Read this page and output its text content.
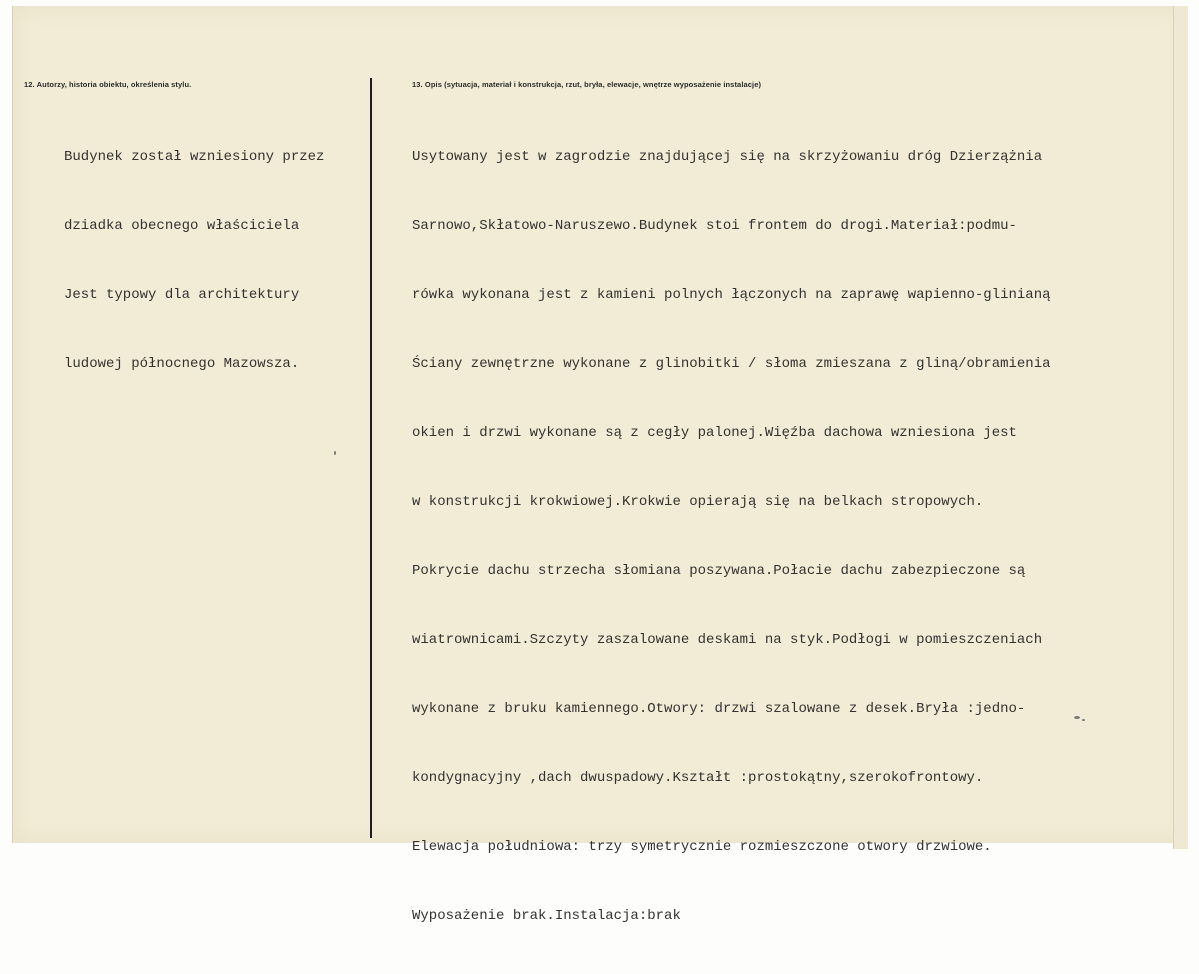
12. Autorzy, historia obiektu, określenia stylu.	13. Opis (sytuacja, materiał i konstrukcja, rzut, bryła, elewacje, wnętrze wyposażenie instalacje)

Budynek został wzniesiony przez

dziadka obecnego właściciela

Jest typowy dla architektury

ludowej północnego Mazowsza.

Usytowany jest w zagrodzie znajdującej się na skrzyżowaniu dróg Dzierzążnia

Sarnowo,Skłatowo-Naruszewo.Budynek stoi frontem do drogi.Materiał:podmu-

rówka wykonana jest z kamieni polnych łączonych na zaprawę wapienno-glinianą

Ściany zewnętrzne wykonane z glinobitki / słoma zmieszana z gliną/obramienia

okien i drzwi wykonane są z cegły palonej.Więźba dachowa wzniesiona jest

w konstrukcji krokwiowej.Krokwie opierają się na belkach stropowych.

Pokrycie dachu strzecha słomiana poszywana.Połacie dachu zabezpieczone są

wiatrownicami.Szczyty zaszalowane deskami na styk.Podłogi w pomieszczeniach

wykonane z bruku kamiennego.Otwory: drzwi szalowane z desek.Bryła :jedno-

kondygnacyjny ,dach dwuspadowy.Kształt :prostokątny,szerokofrontowy.

Elewacja południowa: trzy symetrycznie rozmieszczone otwory drzwiowe.

Wyposażenie brak.Instalacja:brak
